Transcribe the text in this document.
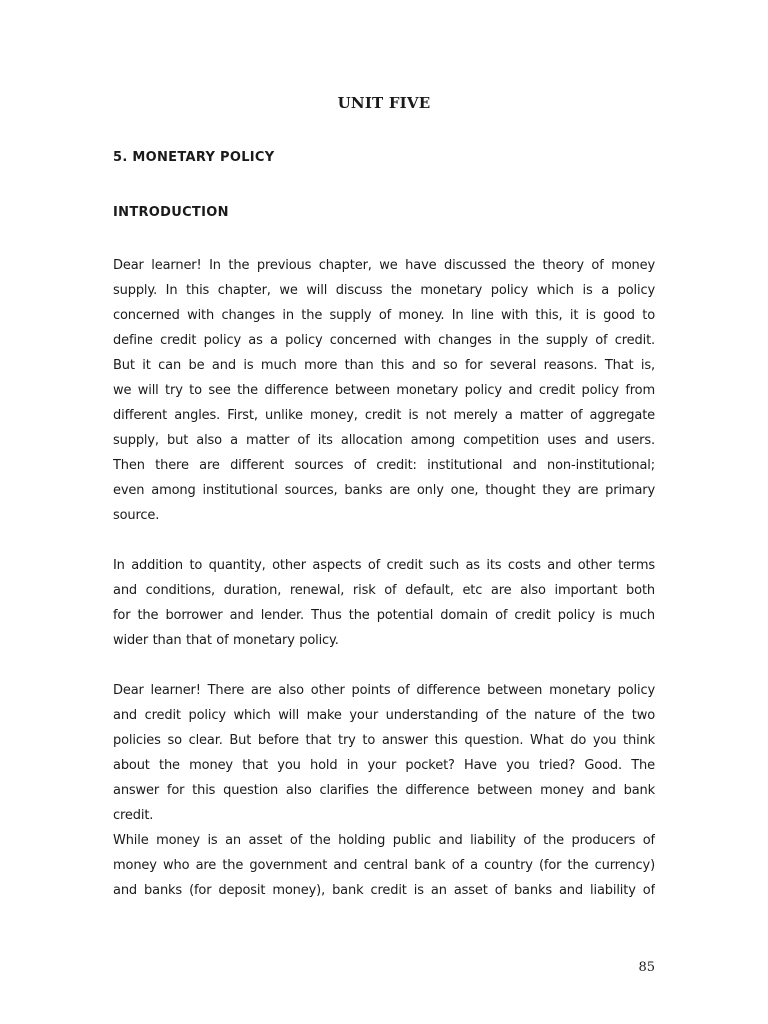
UNIT FIVE
5. MONETARY POLICY
INTRODUCTION
Dear learner! In the previous chapter, we have discussed the theory of money
supply. In this chapter, we will discuss the monetary policy which is a policy
concerned with changes in the supply of money. In line with this, it is good to
define credit policy as a policy concerned with changes in the supply of credit.
But it can be and is much more than this and so for several reasons. That is,
we will try to see the difference between monetary policy and credit policy from
different angles. First, unlike money, credit is not merely a matter of aggregate
supply, but also a matter of its allocation among competition uses and users.
Then there are different sources of credit: institutional and non-institutional;
even among institutional sources, banks are only one, thought they are primary
source.
In addition to quantity, other aspects of credit such as its costs and other terms
and conditions, duration, renewal, risk of default, etc are also important both
for the borrower and lender. Thus the potential domain of credit policy is much
wider than that of monetary policy.
Dear learner! There are also other points of difference between monetary policy
and credit policy which will make your understanding of the nature of the two
policies so clear. But before that try to answer this question. What do you think
about the money that you hold in your pocket? Have you tried? Good. The
answer for this question also clarifies the difference between money and bank
credit.
While money is an asset of the holding public and liability of the producers of
money who are the government and central bank of a country (for the currency)
and banks (for deposit money), bank credit is an asset of banks and liability of
85
